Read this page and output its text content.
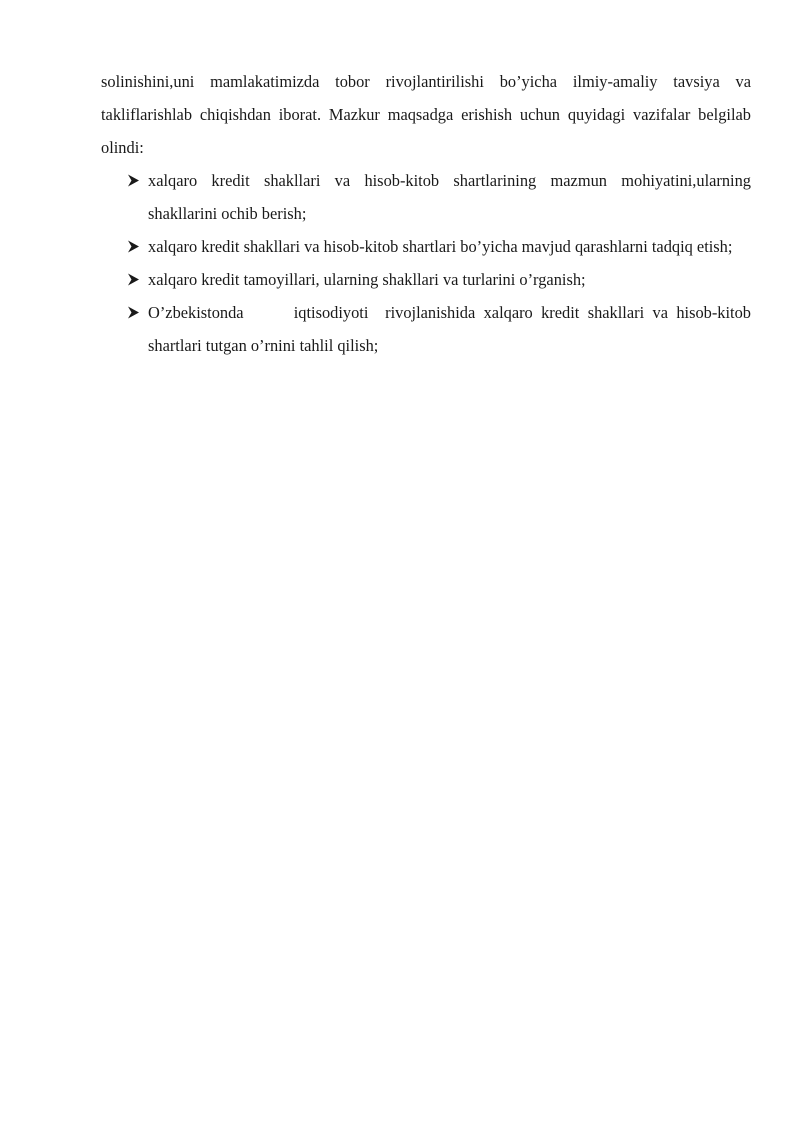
solinishini,uni mamlakatimizda tobor rivojlantirilishi bo’yicha ilmiy-amaliy tavsiya va takliflarishlab chiqishdan iborat. Mazkur maqsadga erishish uchun quyidagi vazifalar belgilab olindi:

xalqaro kredit shakllari va hisob-kitob shartlarining mazmun mohiyatini,ularning shakllarini ochib berish;
xalqaro kredit shakllari va hisob-kitob shartlari bo’yicha mavjud qarashlarni tadqiq etish;
xalqaro kredit tamoyillari, ularning shakllari va turlarini o’rganish;
O’zbekistonda      iqtisodiyoti  rivojlanishida xalqaro kredit shakllari va hisob-kitob shartlari tutgan o’rnini tahlil qilish;
